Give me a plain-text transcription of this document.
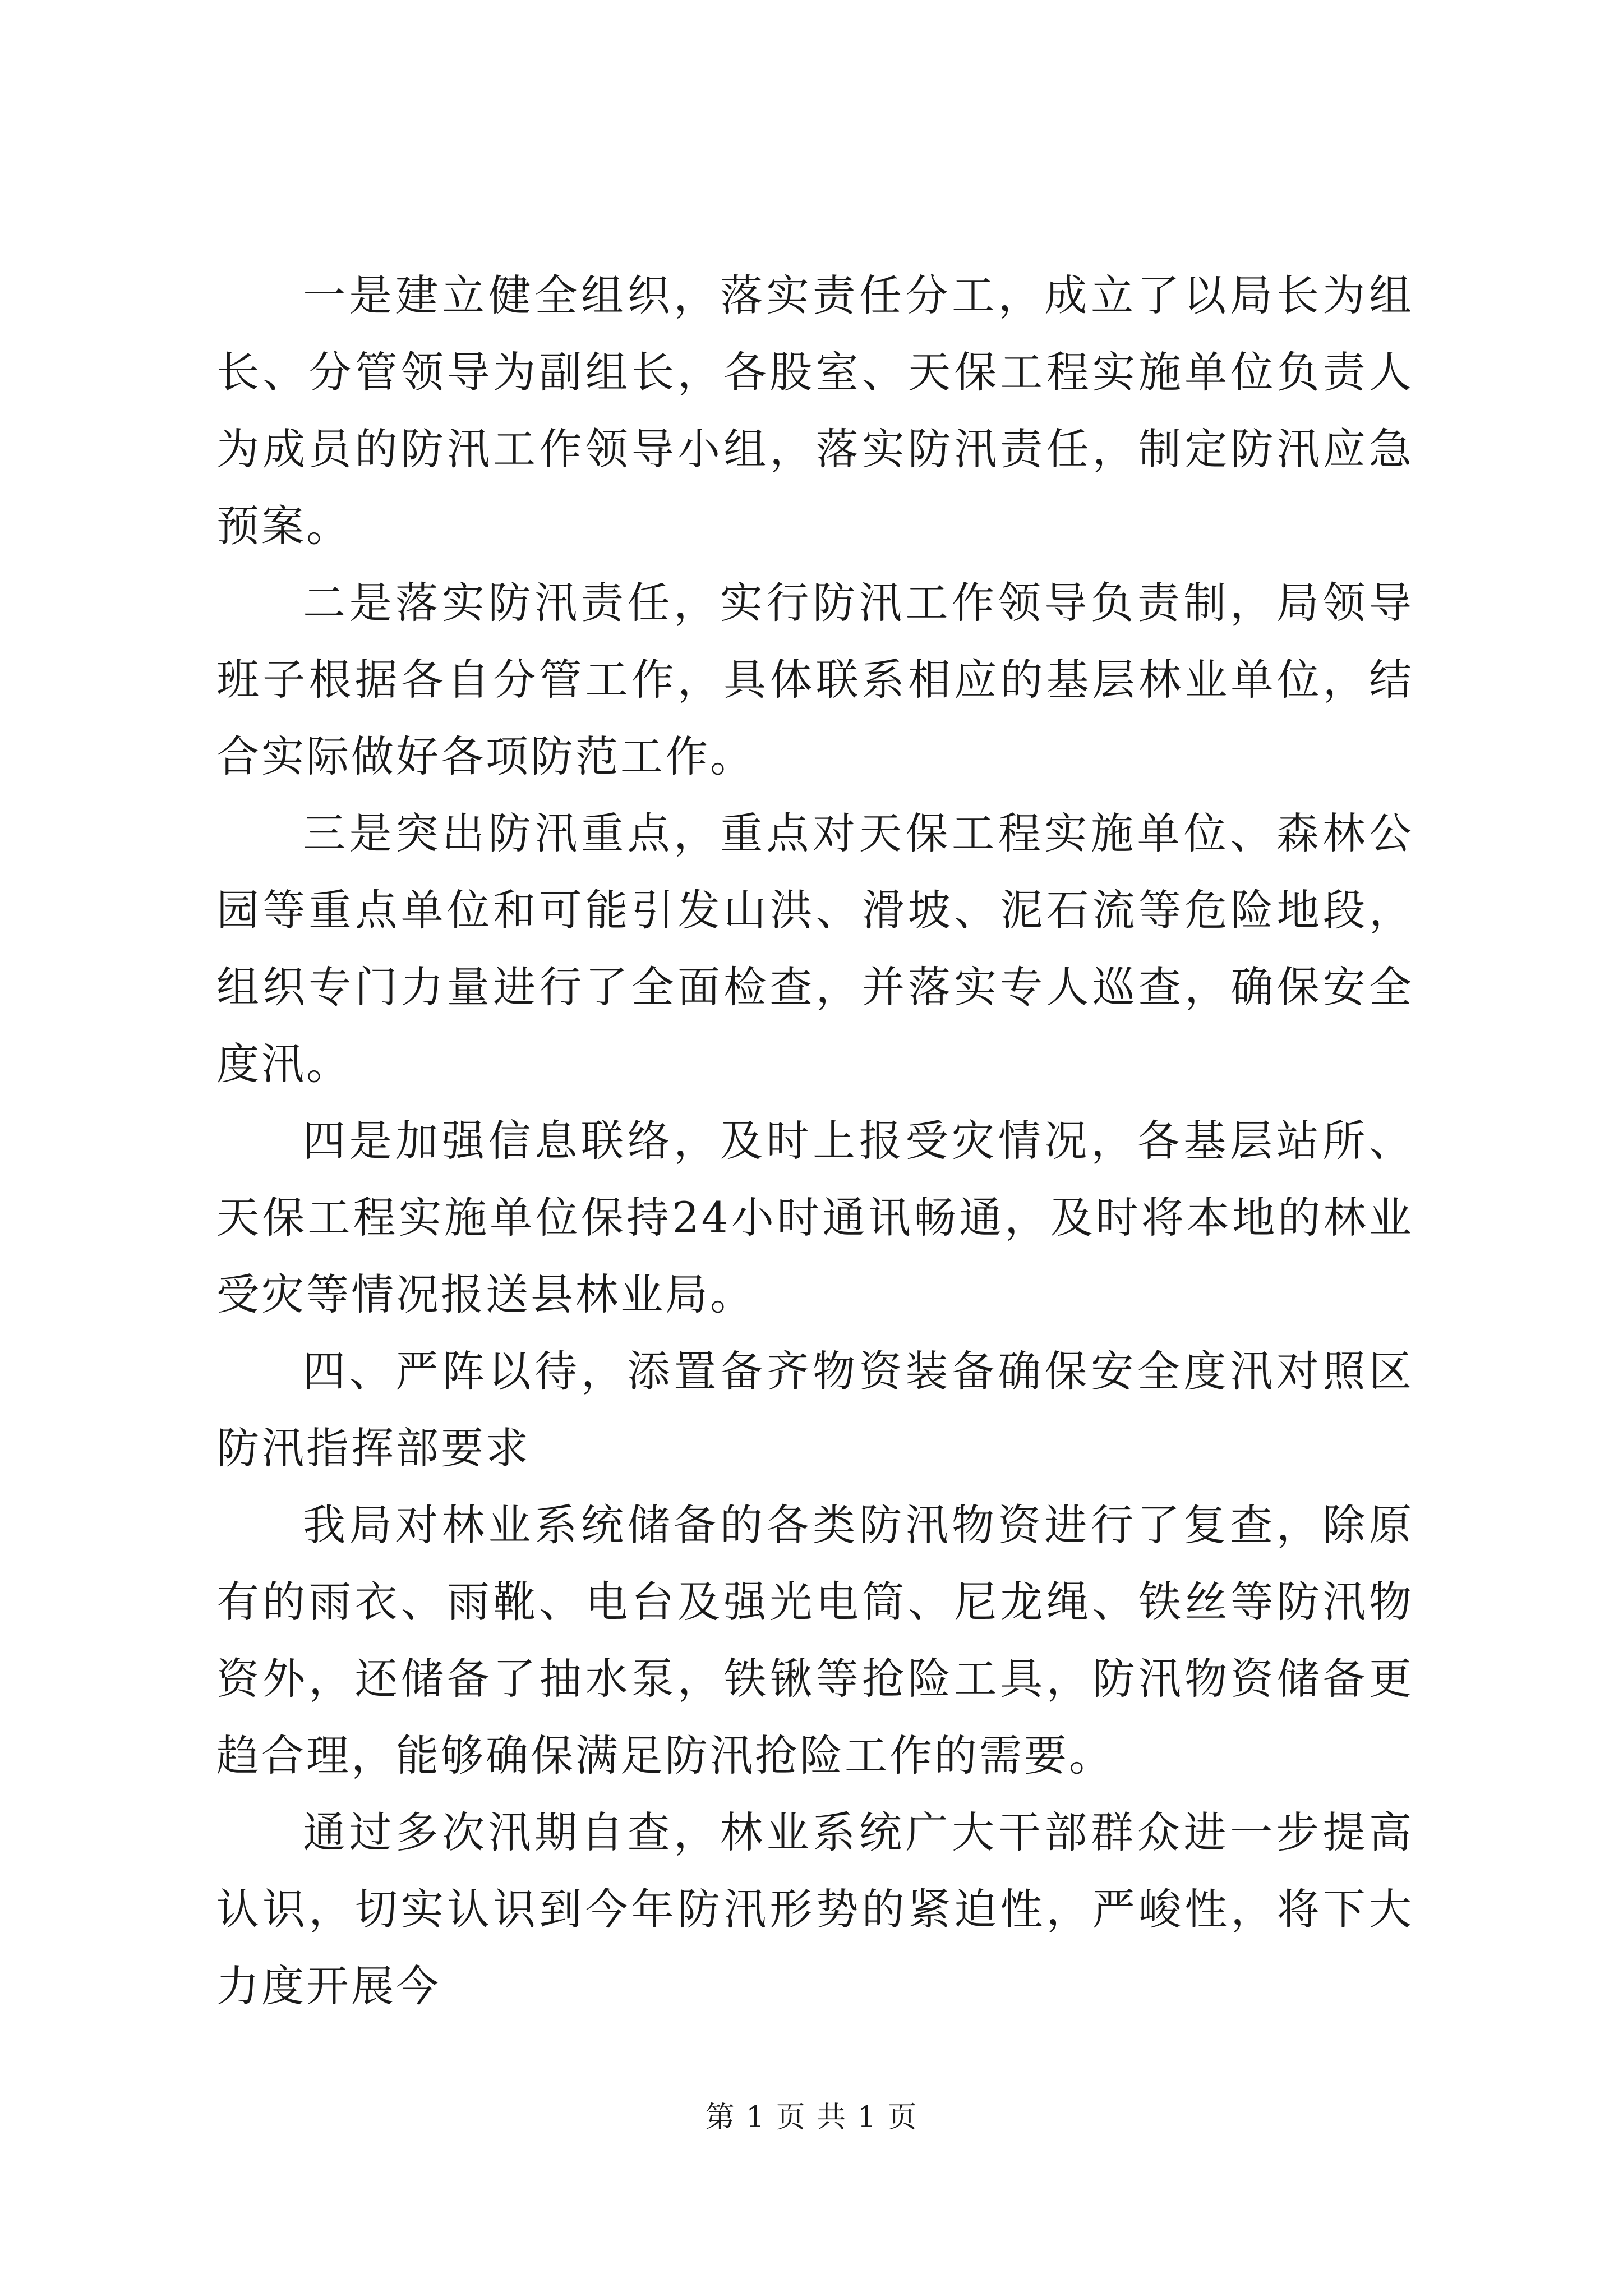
一是建立健全组织，落实责任分工，成立了以局长为组长、分管领导为副组长，各股室、天保工程实施单位负责人为成员的防汛工作领导小组，落实防汛责任，制定防汛应急预案。

二是落实防汛责任，实行防汛工作领导负责制，局领导班子根据各自分管工作，具体联系相应的基层林业单位，结合实际做好各项防范工作。

三是突出防汛重点，重点对天保工程实施单位、森林公园等重点单位和可能引发山洪、滑坡、泥石流等危险地段，组织专门力量进行了全面检查，并落实专人巡查，确保安全度汛。

四是加强信息联络，及时上报受灾情况，各基层站所、天保工程实施单位保持24小时通讯畅通，及时将本地的林业受灾等情况报送县林业局。

四、严阵以待，添置备齐物资装备确保安全度汛对照区防汛指挥部要求

我局对林业系统储备的各类防汛物资进行了复查，除原有的雨衣、雨靴、电台及强光电筒、尼龙绳、铁丝等防汛物资外，还储备了抽水泵，铁锹等抢险工具，防汛物资储备更趋合理，能够确保满足防汛抢险工作的需要。

通过多次汛期自查，林业系统广大干部群众进一步提高认识，切实认识到今年防汛形势的紧迫性，严峻性，将下大力度开展今

第 1 页 共 1 页
